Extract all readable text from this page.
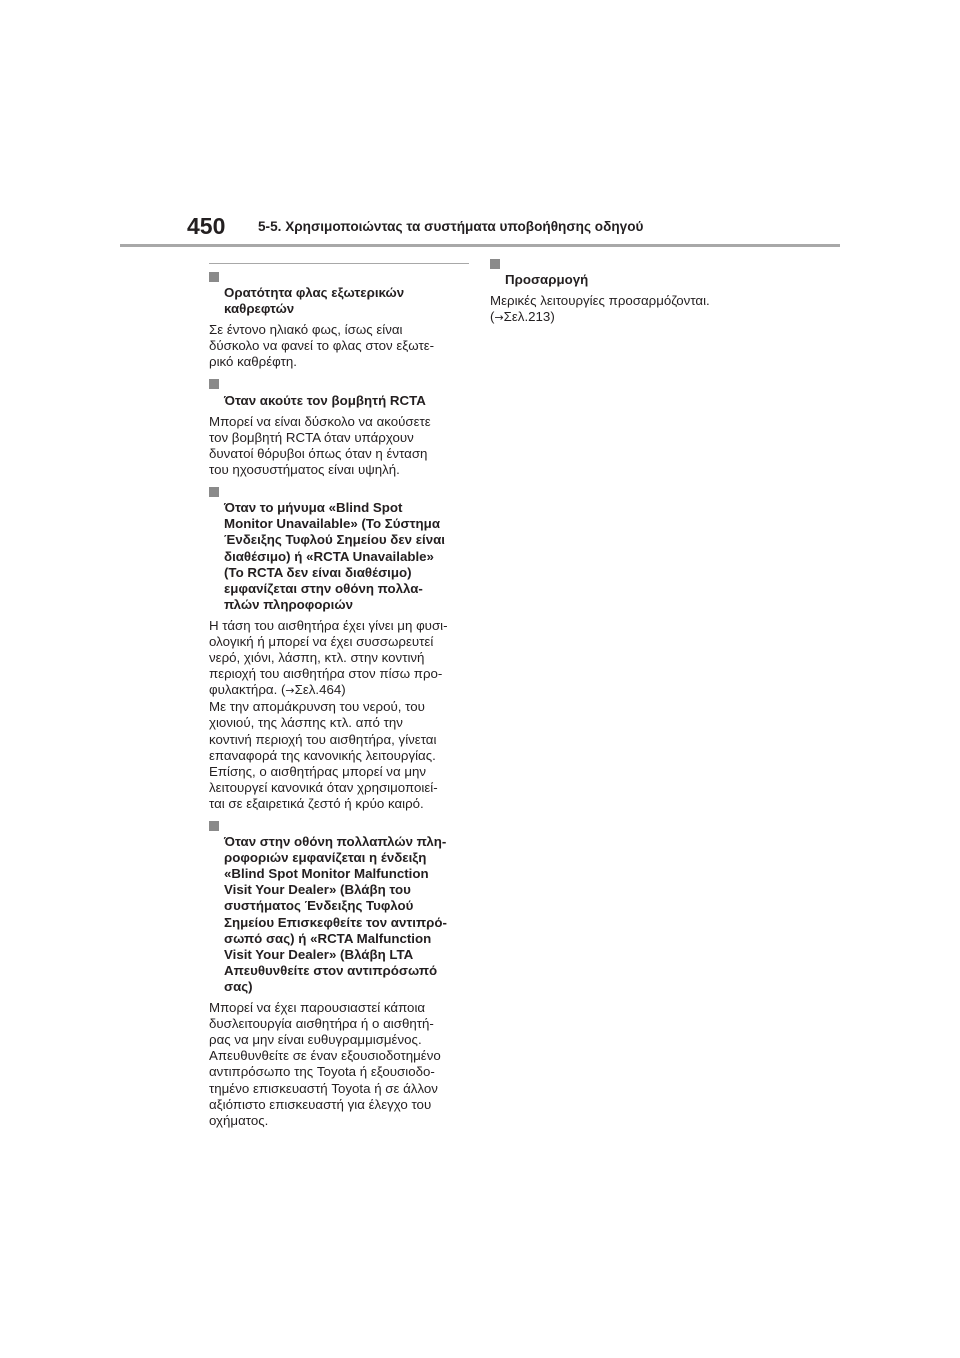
450 5-5. Χρησιμοποιώντας τα συστήματα υποβοήθησης οδηγού

Ορατότητα φλας εξωτερικών
καθρεφτών

Σε έντονο ηλιακό φως, ίσως είναι
δύσκολο να φανεί το φλας στον εξωτε-
ρικό καθρέφτη.

Όταν ακούτε τον βομβητή RCTA

Μπορεί να είναι δύσκολο να ακούσετε
τον βομβητή RCTA όταν υπάρχουν
δυνατοί θόρυβοι όπως όταν η ένταση
του ηχοσυστήματος είναι υψηλή.

Όταν το μήνυμα «Blind Spot
Monitor Unavailable» (Το Σύστημα
Ένδειξης Τυφλού Σημείου δεν είναι
διαθέσιμο) ή «RCTA Unavailable»
(Το RCTA δεν είναι διαθέσιμο)
εμφανίζεται στην οθόνη πολλα-
πλών πληροφοριών

Η τάση του αισθητήρα έχει γίνει μη φυσι-
ολογική ή μπορεί να έχει συσσωρευτεί
νερό, χιόνι, λάσπη, κτλ. στην κοντινή
περιοχή του αισθητήρα στον πίσω προ-
φυλακτήρα. (→Σελ.464)
Με την απομάκρυνση του νερού, του
χιονιού, της λάσπης κτλ. από την
κοντινή περιοχή του αισθητήρα, γίνεται
επαναφορά της κανονικής λειτουργίας.
Επίσης, ο αισθητήρας μπορεί να μην
λειτουργεί κανονικά όταν χρησιμοποιεί-
ται σε εξαιρετικά ζεστό ή κρύο καιρό.

Όταν στην οθόνη πολλαπλών πλη-
ροφοριών εμφανίζεται η ένδειξη
«Blind Spot Monitor Malfunction
Visit Your Dealer» (Βλάβη του
συστήματος Ένδειξης Τυφλού
Σημείου Επισκεφθείτε τον αντιπρό-
σωπό σας) ή «RCTA Malfunction
Visit Your Dealer» (Βλάβη LTA
Απευθυνθείτε στον αντιπρόσωπό
σας)

Μπορεί να έχει παρουσιαστεί κάποια
δυσλειτουργία αισθητήρα ή ο αισθητή-
ρας να μην είναι ευθυγραμμισμένος.
Απευθυνθείτε σε έναν εξουσιοδοτημένο
αντιπρόσωπο της Toyota ή εξουσιοδο-
τημένο επισκευαστή Toyota ή σε άλλον
αξιόπιστο επισκευαστή για έλεγχο του
οχήματος.

Προσαρμογή

Μερικές λειτουργίες προσαρμόζονται.
(→Σελ.213)
